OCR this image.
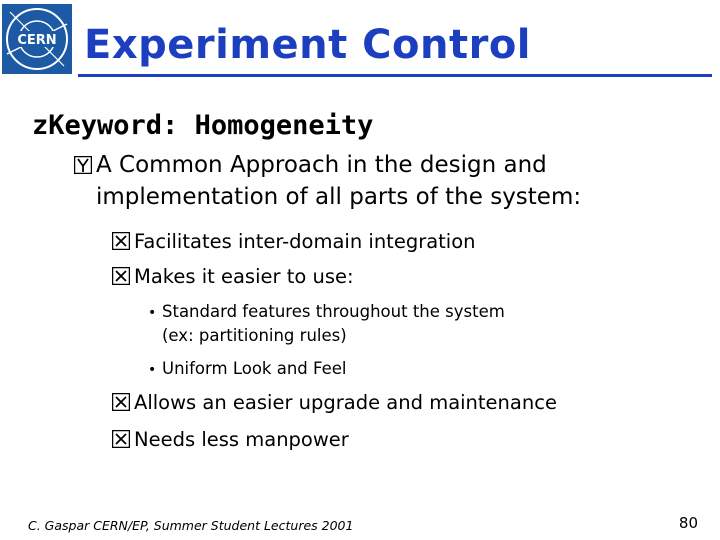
CERN Experiment Control
zKeyword: Homogeneity
A Common Approach in the design and
implementation of all parts of the system:
Facilitates inter-domain integration
Makes it easier to use:
• Standard features throughout the system
(ex: partitioning rules)
• Uniform Look and Feel
Allows an easier upgrade and maintenance
Needs less manpower
C. Gaspar CERN/EP, Summer Student Lectures 2001	80
